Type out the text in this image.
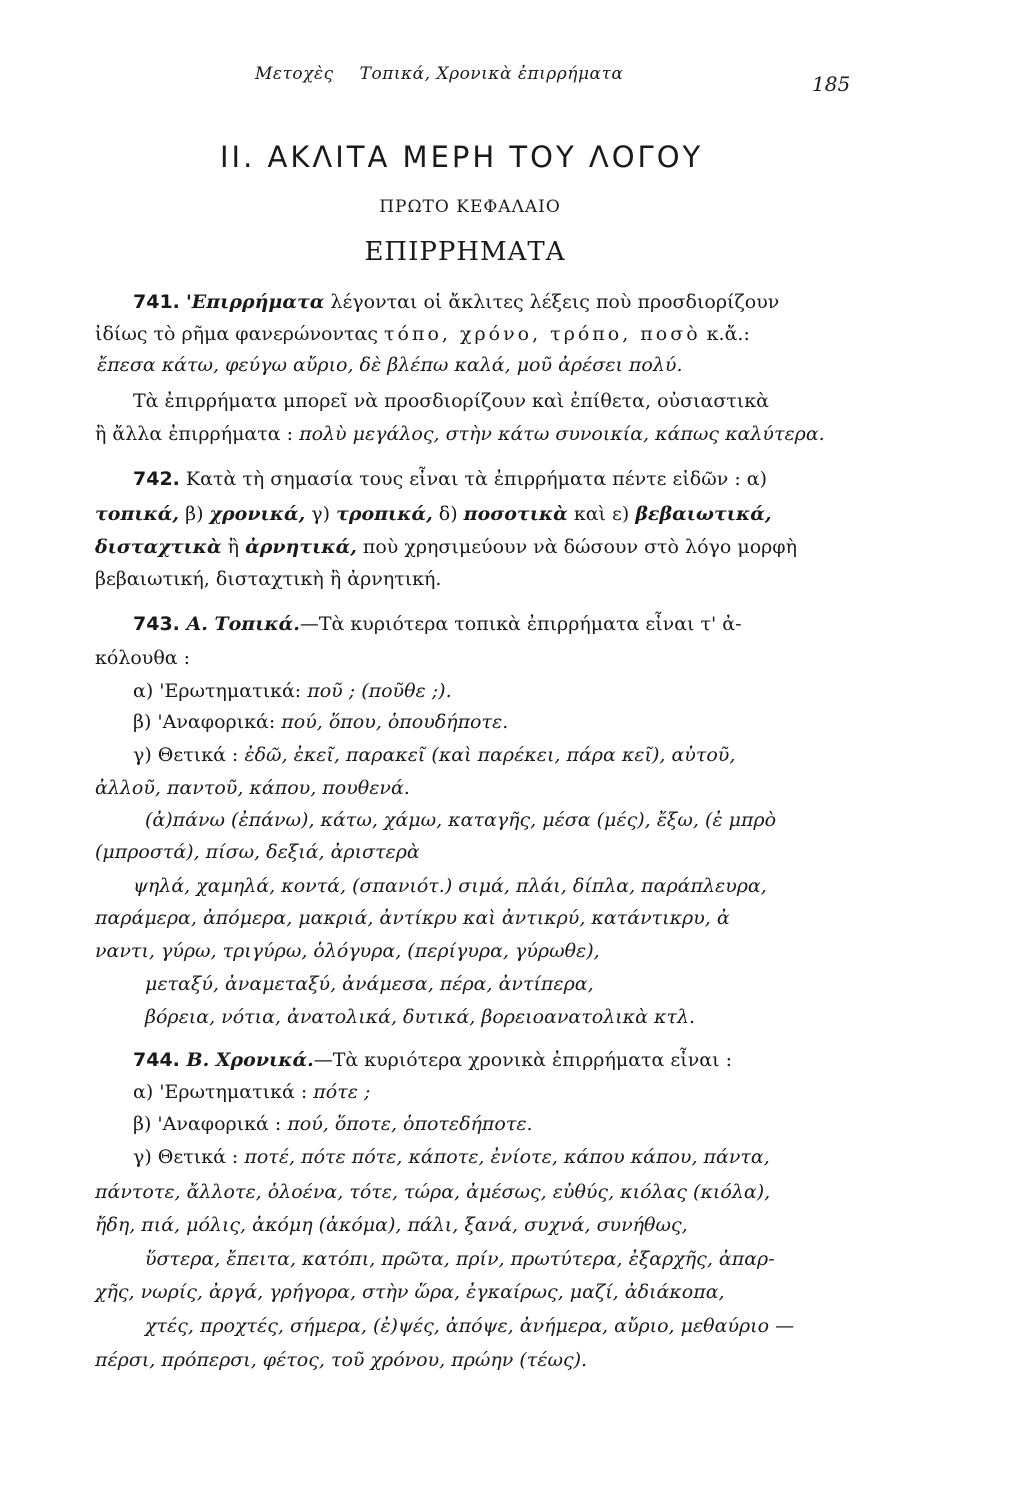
Μετοχὲς Τοπικά, Χρονικὰ ἐπιρρήματα	185
ΙΙ. ΑΚΛΙΤΑ ΜΕΡΗ ΤΟΥ ΛΟΓΟΥ
ΠΡΩΤΟ ΚΕΦΑΛΑΙΟ
ΕΠΙΡΡΗΜΑΤΑ
741. 'Επιρρήματα λέγονται οἱ ἄκλιτες λέξεις ποὺ προσδιορίζουν
ἰδίως τὸ ρῆμα φανερώνοντας τόπο, χρόνο, τρόπο, ποσὸ κ.ἄ.:
ἔπεσα κάτω, φεύγω αὔριο, δὲ βλέπω καλά, μοῦ ἀρέσει πολύ.
Τὰ ἐπιρρήματα μπορεῖ νὰ προσδιορίζουν καὶ ἐπίθετα, οὐσιαστικὰ
ἢ ἄλλα ἐπιρρήματα : πολὺ μεγάλος, στὴν κάτω συνοικία, κάπως καλύτερα.
742. Κατὰ τὴ σημασία τους εἶναι τὰ ἐπιρρήματα πέντε εἰδῶν : α)
τοπικά, β) χρονικά, γ) τροπικά, δ) ποσοτικὰ καὶ ε) βεβαιωτικά,
δισταχτικὰ ἢ ἀρνητικά, ποὺ χρησιμεύουν νὰ δώσουν στὸ λόγο μορφὴ
βεβαιωτική, δισταχτικὴ ἢ ἀρνητική.
743. Α. Τοπικά.—Τὰ κυριότερα τοπικὰ ἐπιρρήματα εἶναι τ' ἀ-
κόλουθα :
α) 'Ερωτηματικά: ποῦ ; (ποῦθε ;).
β) 'Αναφορικά: πού, ὅπου, ὁπουδήποτε.
γ) Θετικά : ἐδῶ, ἐκεῖ, παρακεῖ (καὶ παρέκει, πάρα κεῖ), αὐτοῦ,
ἀλλοῦ, παντοῦ, κάπου, πουθενά.
(ἀ)πάνω (ἐπάνω), κάτω, χάμω, καταγῆς, μέσα (μές), ἔξω, (ἐ μπρὸ
(μπροστά), πίσω, δεξιά, ἀριστερὰ
ψηλά, χαμηλά, κοντά, (σπανιότ.) σιμά, πλάι, δίπλα, παράπλευρα,
παράμερα, ἀπόμερα, μακριά, ἀντίκρυ καὶ ἀντικρύ, κατάντικρυ, ἀ
ναντι, γύρω, τριγύρω, ὁλόγυρα, (περίγυρα, γύρωθε),
μεταξύ, ἀναμεταξύ, ἀνάμεσα, πέρα, ἀντίπερα,
βόρεια, νότια, ἀνατολικά, δυτικά, βορειοανατολικὰ κτλ.
744. Β. Χρονικά.—Τὰ κυριότερα χρονικὰ ἐπιρρήματα εἶναι :
α) 'Ερωτηματικά : πότε ;
β) 'Αναφορικά : πού, ὅποτε, ὁποτεδήποτε.
γ) Θετικά : ποτέ, πότε πότε, κάποτε, ἐνίοτε, κάπου κάπου, πάντα,
πάντοτε, ἄλλοτε, ὁλοένα, τότε, τώρα, ἀμέσως, εὐθύς, κιόλας (κιόλα),
ἤδη, πιά, μόλις, ἀκόμη (ἀκόμα), πάλι, ξανά, συχνά, συνήθως,
ὕστερα, ἔπειτα, κατόπι, πρῶτα, πρίν, πρωτύτερα, ἐξαρχῆς, ἀπαρ-
χῆς, νωρίς, ἀργά, γρήγορα, στὴν ὥρα, ἐγκαίρως, μαζί, ἀδιάκοπα,
χτές, προχτές, σήμερα, (ἐ)ψές, ἀπόψε, ἀνήμερα, αὔριο, μεθαύριο —
πέρσι, πρόπερσι, φέτος, τοῦ χρόνου, πρώην (τέως).
